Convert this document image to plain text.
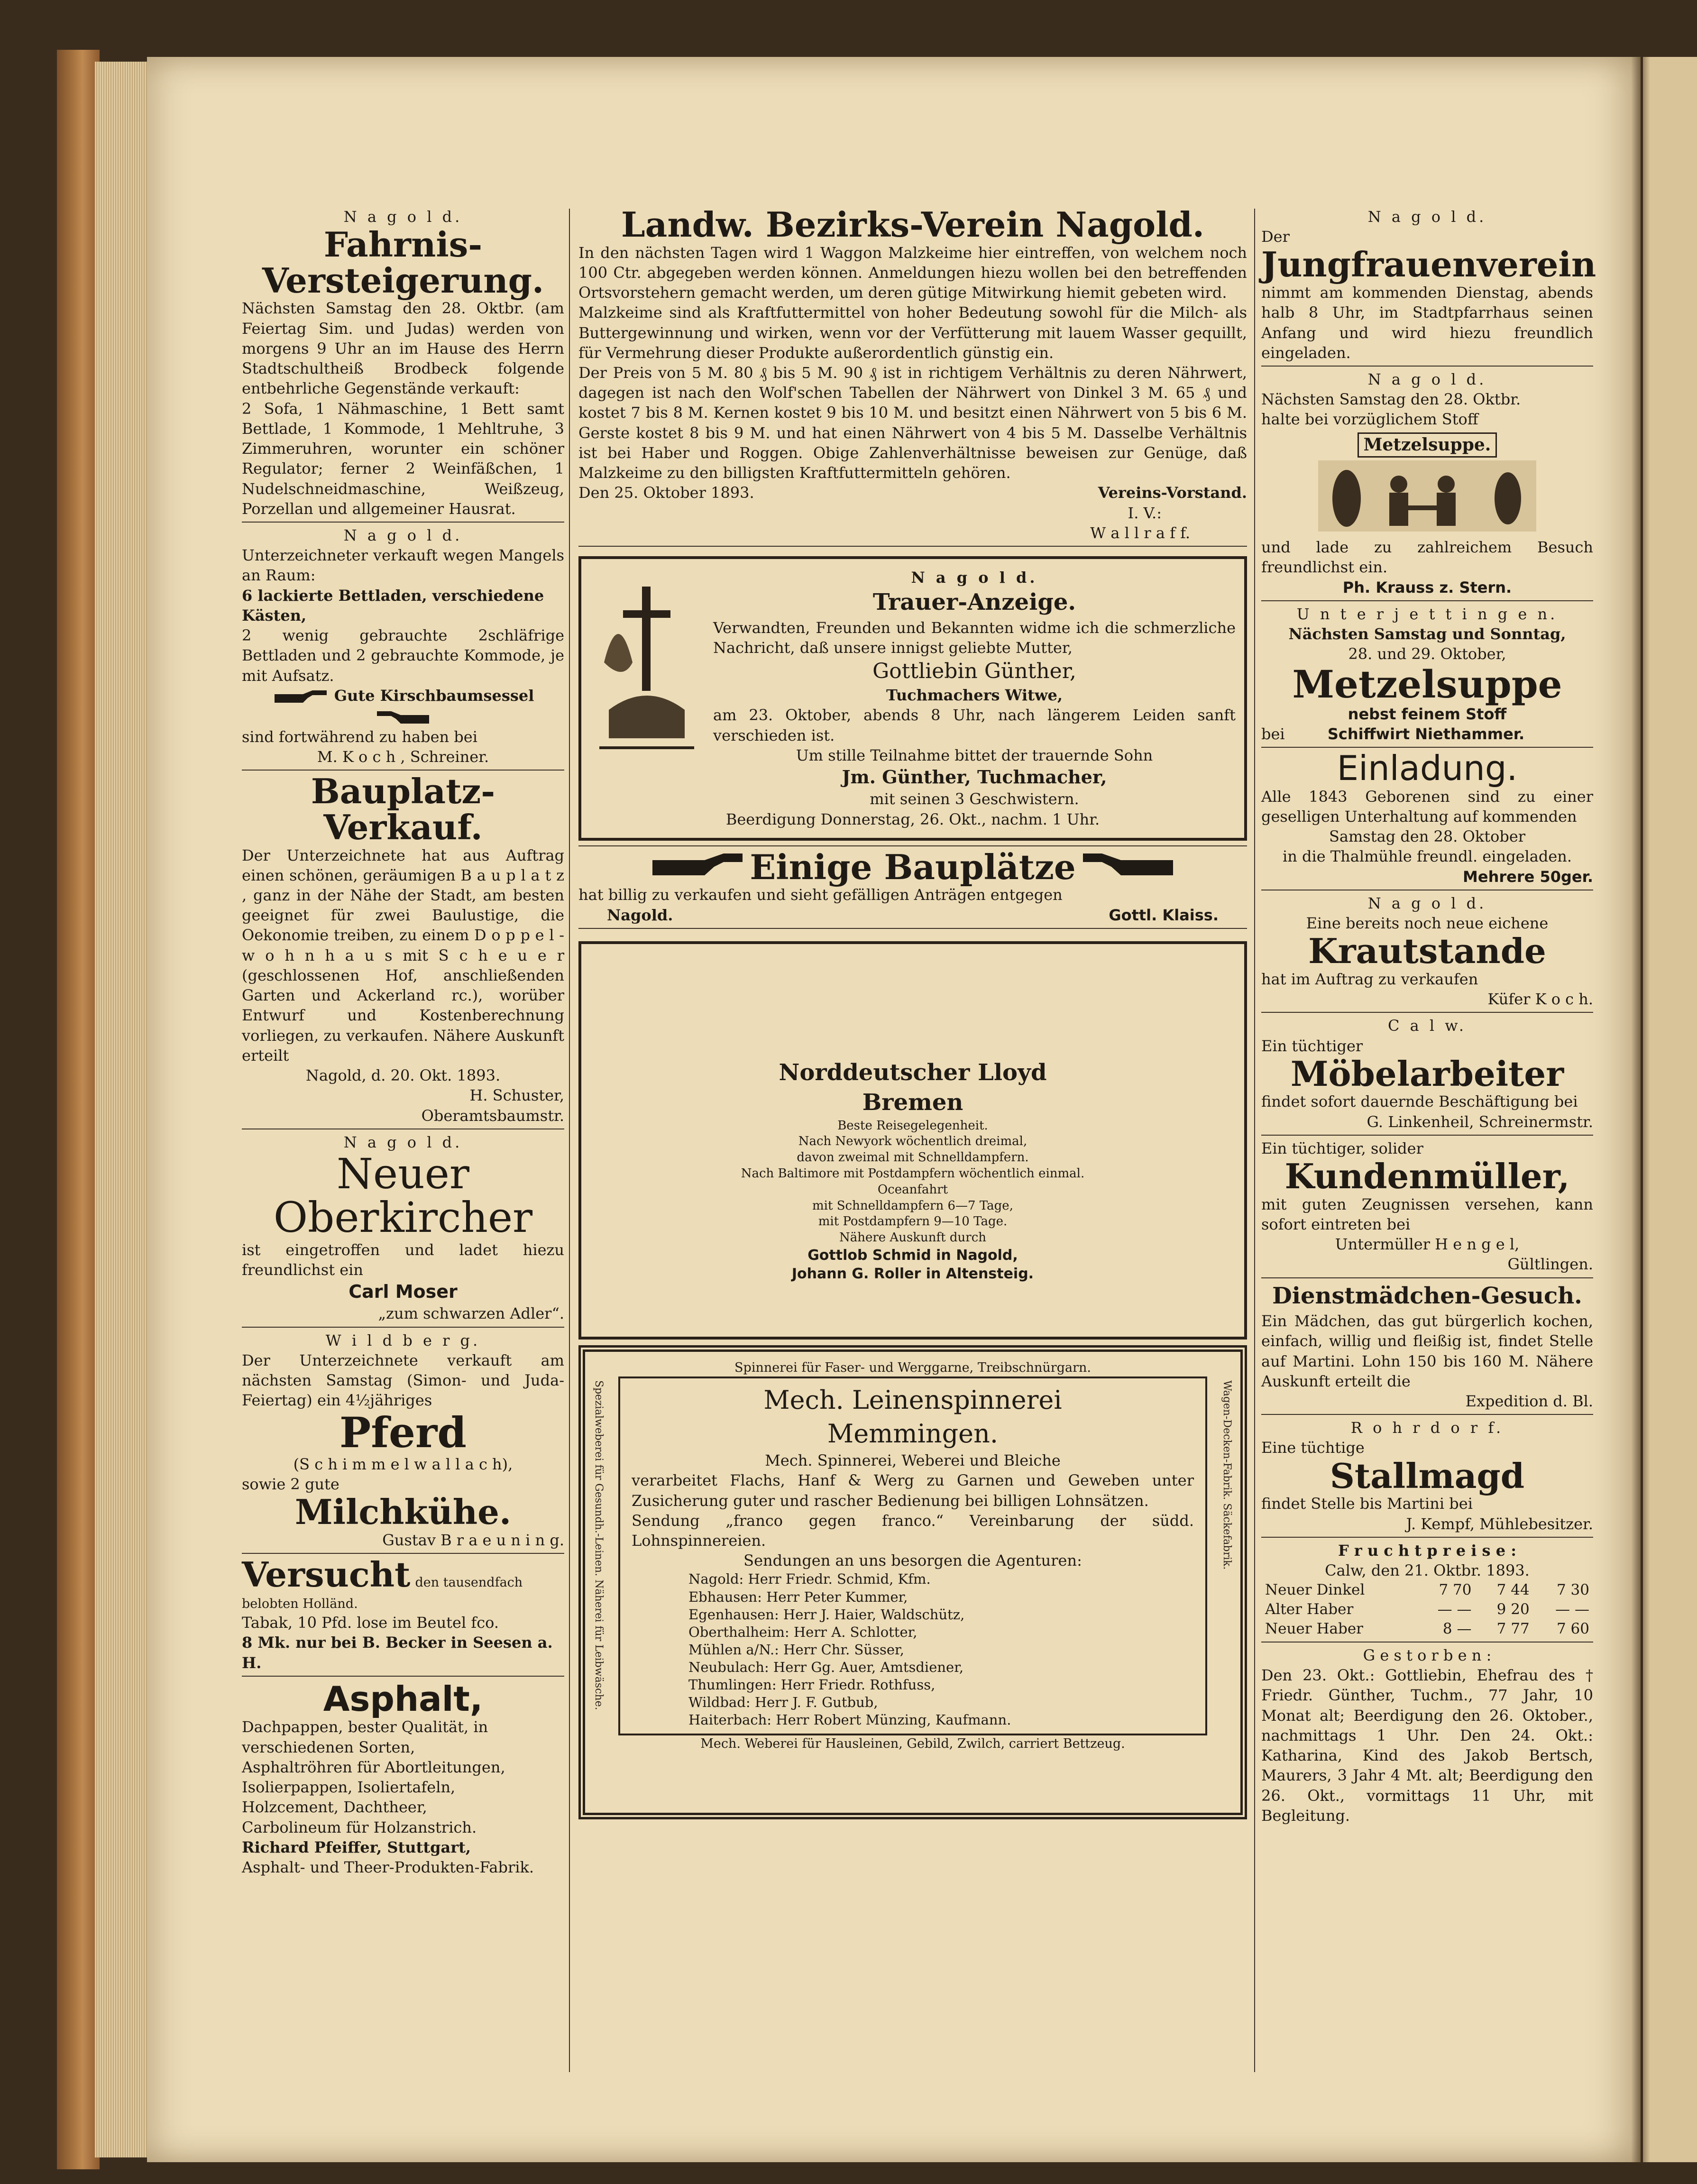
N a g o l d.

Fahrnis-

Versteigerung.

Nächsten Samstag den 28. Oktbr. (am Feiertag Sim. und Judas) werden von morgens 9 Uhr an im Hause des Herrn Stadtschultheiß Brodbeck folgende entbehrliche Gegenstände verkauft:

2 Sofa, 1 Nähmaschine, 1 Bett samt Bettlade, 1 Kommode, 1 Mehltruhe, 3 Zimmeruhren, worunter ein schöner Regulator; ferner 2 Weinfäßchen, 1 Nudelschneidmaschine, Weißzeug, Porzellan und allgemeiner Hausrat.

N a g o l d.

Unterzeichneter verkauft wegen Mangels an Raum:

6 lackierte Bettladen, verschiedene Kästen,

2 wenig gebrauchte 2schläfrige Bettladen und 2 gebrauchte Kommode, je mit Aufsatz.

Gute Kirschbaumsessel

sind fortwährend zu haben bei

M. K o c h , Schreiner.

Bauplatz-

Verkauf.

Der Unterzeichnete hat aus Auftrag einen schönen, geräumigen B a u p l a t z , ganz in der Nähe der Stadt, am besten geeignet für zwei Baulustige, die Oekonomie treiben, zu einem D o p p e l - w o h n h a u s mit S c h e u e r (geschlossenen Hof, anschließenden Garten und Ackerland rc.), worüber Entwurf und Kostenberechnung vorliegen, zu verkaufen. Nähere Auskunft erteilt

Nagold, d. 20. Okt. 1893.

H. Schuster,

Oberamtsbaumstr.

N a g o l d.

Neuer

Oberkircher

ist eingetroffen und ladet hiezu freundlichst ein

Carl Moser

„zum schwarzen Adler“.

W i l d b e r g.

Der Unterzeichnete verkauft am nächsten Samstag (Simon- und Juda-Feiertag) ein 4½jähriges

Pferd

(S c h i m m e l w a l l a c h),

sowie 2 gute

Milchkühe.

Gustav B r a e u n i n g.

Versucht den tausendfach belobten Holländ.

Tabak, 10 Pfd. lose im Beutel fco.

8 Mk. nur bei B. Becker in Seesen a. H.

Asphalt,

Dachpappen, bester Qualität, in verschiedenen Sorten,

Asphaltröhren für Abortleitungen,

Isolierpappen, Isoliertafeln,

Holzcement, Dachtheer,

Carbolineum für Holzanstrich.

Richard Pfeiffer, Stuttgart,

Asphalt- und Theer-Produkten-Fabrik.

Landw. Bezirks-Verein Nagold.

In den nächsten Tagen wird 1 Waggon Malzkeime hier eintreffen, von welchem noch 100 Ctr. abgegeben werden können. Anmeldungen hiezu wollen bei den betreffenden Ortsvorstehern gemacht werden, um deren gütige Mitwirkung hiemit gebeten wird.

Malzkeime sind als Kraftfuttermittel von hoher Bedeutung sowohl für die Milch- als Buttergewinnung und wirken, wenn vor der Verfütterung mit lauem Wasser gequillt, für Vermehrung dieser Produkte außerordentlich günstig ein.

Der Preis von 5 M. 80 ₰ bis 5 M. 90 ₰ ist in richtigem Verhältnis zu deren Nährwert, dagegen ist nach den Wolf'schen Tabellen der Nährwert von Dinkel 3 M. 65 ₰ und kostet 7 bis 8 M. Kernen kostet 9 bis 10 M. und besitzt einen Nährwert von 5 bis 6 M. Gerste kostet 8 bis 9 M. und hat einen Nährwert von 4 bis 5 M. Dasselbe Verhältnis ist bei Haber und Roggen. Obige Zahlenverhältnisse beweisen zur Genüge, daß Malzkeime zu den billigsten Kraftfuttermitteln gehören.

Den 25. Oktober 1893.	Vereins-Vorstand.

I. V.:

W a l l r a f f.

N a g o l d.

Trauer-Anzeige.

Verwandten, Freunden und Bekannten widme ich die schmerzliche Nachricht, daß unsere innigst geliebte Mutter,

Gottliebin Günther,

Tuchmachers Witwe,

am 23. Oktober, abends 8 Uhr, nach längerem Leiden sanft verschieden ist.

Um stille Teilnahme bittet der trauernde Sohn

Jm. Günther, Tuchmacher,

mit seinen 3 Geschwistern.

Beerdigung Donnerstag, 26. Okt., nachm. 1 Uhr.

Einige Bauplätze

hat billig zu verkaufen und sieht gefälligen Anträgen entgegen

Nagold.	Gottl. Klaiss.

Norddeutscher Lloyd

Bremen

Beste Reisegelegenheit.

Nach Newyork wöchentlich dreimal,

davon zweimal mit Schnelldampfern.

Nach Baltimore mit Postdampfern wöchentlich einmal.

Oceanfahrt

mit Schnelldampfern 6—7 Tage,

mit Postdampfern 9—10 Tage.

Nähere Auskunft durch

Gottlob Schmid in Nagold,

Johann G. Roller in Altensteig.

Spezialweberei für Gesundh.-Leinen. Näherei für Leibwäsche.	Wagen-Decken-Fabrik. Säckefabrik.

Spinnerei für Faser- und Werggarne, Treibschnürgarn.

Mech. Leinenspinnerei

Memmingen.

Mech. Spinnerei, Weberei und Bleiche

verarbeitet Flachs, Hanf & Werg zu Garnen und Geweben unter Zusicherung guter und rascher Bedienung bei billigen Lohnsätzen.

Sendung „franco gegen franco.“ Vereinbarung der südd. Lohnspinnereien.

Sendungen an uns besorgen die Agenturen:

Nagold: Herr Friedr. Schmid, Kfm.

Ebhausen: Herr Peter Kummer,

Egenhausen: Herr J. Haier, Waldschütz,

Oberthalheim: Herr A. Schlotter,

Mühlen a/N.: Herr Chr. Süsser,

Neubulach: Herr Gg. Auer, Amtsdiener,

Thumlingen: Herr Friedr. Rothfuss,

Wildbad: Herr J. F. Gutbub,

Haiterbach: Herr Robert Münzing, Kaufmann.

Mech. Weberei für Hausleinen, Gebild, Zwilch, carriert Bettzeug.

N a g o l d.

Der

Jungfrauenverein

nimmt am kommenden Dienstag, abends halb 8 Uhr, im Stadtpfarrhaus seinen Anfang und wird hiezu freundlich eingeladen.

N a g o l d.

Nächsten Samstag den 28. Oktbr.

halte bei vorzüglichem Stoff

Metzelsuppe.

und lade zu zahlreichem Besuch freundlichst ein.

Ph. Krauss z. Stern.

U n t e r j e t t i n g e n.

Nächsten Samstag und Sonntag,

28. und 29. Oktober,

Metzelsuppe

nebst feinem Stoff

bei	Schiffwirt Niethammer.

Einladung.

Alle 1843 Geborenen sind zu einer geselligen Unterhaltung auf kommenden

Samstag den 28. Oktober

in die Thalmühle freundl. eingeladen.

Mehrere 50ger.

N a g o l d.

Eine bereits noch neue eichene

Krautstande

hat im Auftrag zu verkaufen

Küfer K o c h.

C a l w.

Ein tüchtiger

Möbelarbeiter

findet sofort dauernde Beschäftigung bei

G. Linkenheil, Schreinermstr.

Ein tüchtiger, solider

Kundenmüller,

mit guten Zeugnissen versehen, kann sofort eintreten bei

Untermüller H e n g e l,

Gültlingen.

Dienstmädchen-Gesuch.

Ein Mädchen, das gut bürgerlich kochen, einfach, willig und fleißig ist, findet Stelle auf Martini. Lohn 150 bis 160 M. Nähere Auskunft erteilt die

Expedition d. Bl.

R o h r d o r f.

Eine tüchtige

Stallmagd

findet Stelle bis Martini bei

J. Kempf, Mühlebesitzer.

F r u c h t p r e i s e :

Calw, den 21. Oktbr. 1893.

Neuer Dinkel	7 70	7 44	7 30
Alter Haber	— —	9 20	— —
Neuer Haber	8 —	7 77	7 60

G e s t o r b e n :

Den 23. Okt.: Gottliebin, Ehefrau des † Friedr. Günther, Tuchm., 77 Jahr, 10 Monat alt; Beerdigung den 26. Oktober., nachmittags 1 Uhr. Den 24. Okt.: Katharina, Kind des Jakob Bertsch, Maurers, 3 Jahr 4 Mt. alt; Beerdigung den 26. Okt., vormittags 11 Uhr, mit Begleitung.
